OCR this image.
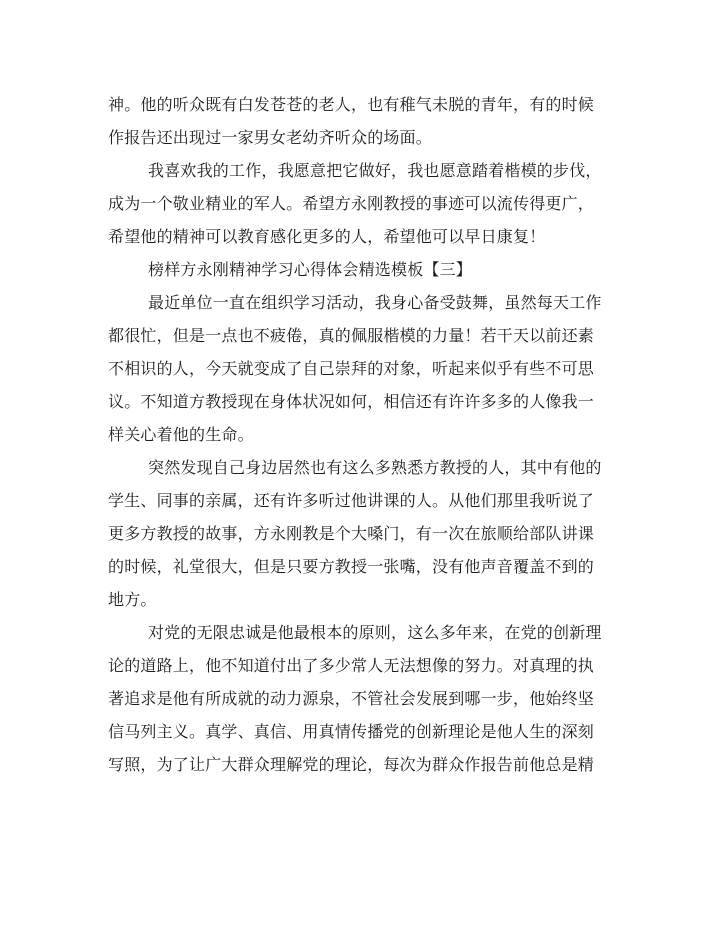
神。他的听众既有白发苍苍的老人，也有稚气未脱的青年，有的时候
作报告还出现过一家男女老幼齐听众的场面。
我喜欢我的工作，我愿意把它做好，我也愿意踏着楷模的步伐，
成为一个敬业精业的军人。希望方永刚教授的事迹可以流传得更广，
希望他的精神可以教育感化更多的人，希望他可以早日康复！
榜样方永刚精神学习心得体会精选模板【三】
最近单位一直在组织学习活动，我身心备受鼓舞，虽然每天工作
都很忙，但是一点也不疲倦，真的佩服楷模的力量！若干天以前还素
不相识的人，今天就变成了自己崇拜的对象，听起来似乎有些不可思
议。不知道方教授现在身体状况如何，相信还有许许多多的人像我一
样关心着他的生命。
突然发现自己身边居然也有这么多熟悉方教授的人，其中有他的
学生、同事的亲属，还有许多听过他讲课的人。从他们那里我听说了
更多方教授的故事，方永刚教是个大嗓门，有一次在旅顺给部队讲课
的时候，礼堂很大，但是只要方教授一张嘴，没有他声音覆盖不到的
地方。
对党的无限忠诚是他最根本的原则，这么多年来，在党的创新理
论的道路上，他不知道付出了多少常人无法想像的努力。对真理的执
著追求是他有所成就的动力源泉，不管社会发展到哪一步，他始终坚
信马列主义。真学、真信、用真情传播党的创新理论是他人生的深刻
写照，为了让广大群众理解党的理论，每次为群众作报告前他总是精
